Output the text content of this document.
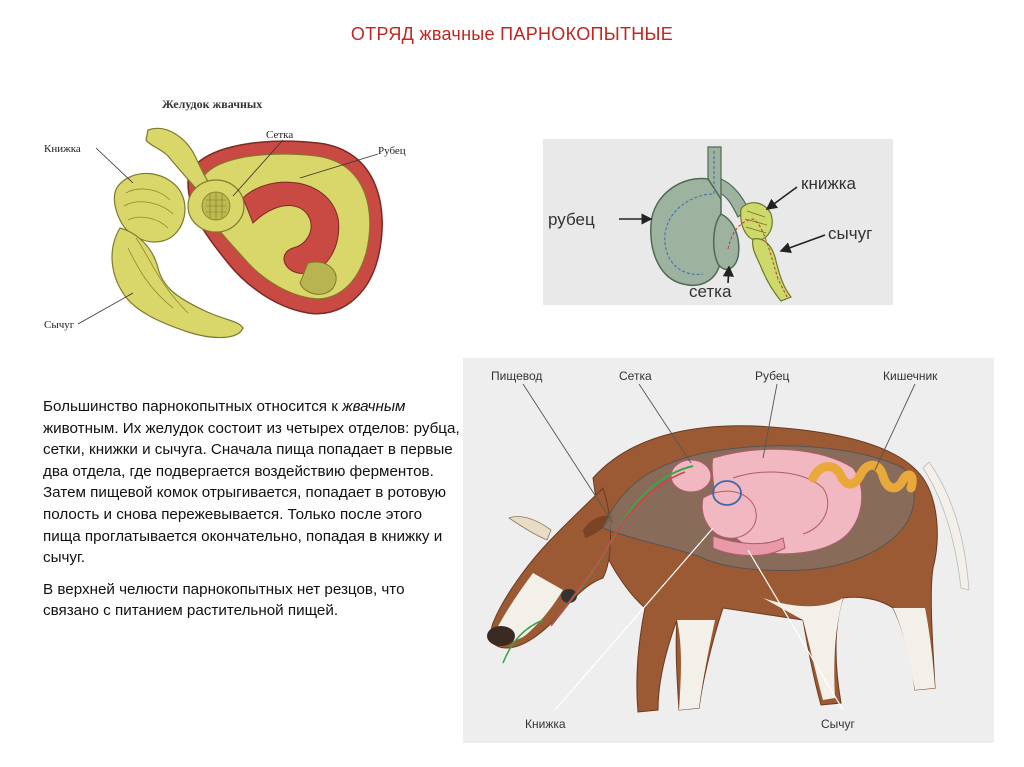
ОТРЯД жвачные ПАРНОКОПЫТНЫЕ
Желудок жвачных
Книжка
Сетка
Рубец
Сычуг
рубец
книжка
сычуг
сетка
Пищевод	Сетка	Рубец	Кишечник
Книжка	Сычуг

Большинство парнокопытных относится к жвачным животным. Их желудок состоит из четырех отделов: рубца, сетки, книжки и сычуга. Сначала пища попадает в первые два отдела, где подвергается воздействию ферментов. Затем пищевой комок отрыгивается, попадает в ротовую полость и снова пережевывается. Только после этого пища проглатывается окончательно, попадая в книжку и сычуг.

В верхней челюсти парнокопытных нет резцов, что связано с питанием растительной пищей.
